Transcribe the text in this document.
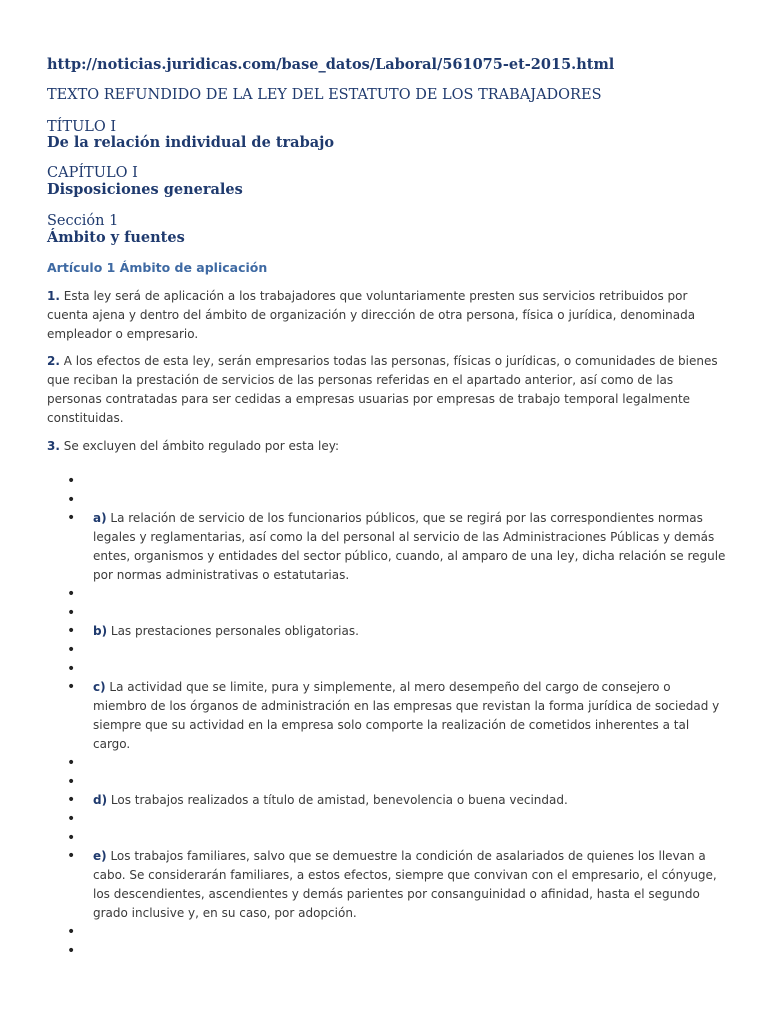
http://noticias.juridicas.com/base_datos/Laboral/561075-et-2015.html
TEXTO REFUNDIDO DE LA LEY DEL ESTATUTO DE LOS TRABAJADORES
TÍTULO I
De la relación individual de trabajo
CAPÍTULO I
Disposiciones generales
Sección 1
Ámbito y fuentes
Artículo 1 Ámbito de aplicación
1. Esta ley será de aplicación a los trabajadores que voluntariamente presten sus servicios retribuidos por cuenta ajena y dentro del ámbito de organización y dirección de otra persona, física o jurídica, denominada empleador o empresario.
2. A los efectos de esta ley, serán empresarios todas las personas, físicas o jurídicas, o comunidades de bienes que reciban la prestación de servicios de las personas referidas en el apartado anterior, así como de las personas contratadas para ser cedidas a empresas usuarias por empresas de trabajo temporal legalmente constituidas.
3. Se excluyen del ámbito regulado por esta ley:
•
•
• a) La relación de servicio de los funcionarios públicos, que se regirá por las correspondientes normas legales y reglamentarias, así como la del personal al servicio de las Administraciones Públicas y demás entes, organismos y entidades del sector público, cuando, al amparo de una ley, dicha relación se regule por normas administrativas o estatutarias.
•
•
• b) Las prestaciones personales obligatorias.
•
•
• c) La actividad que se limite, pura y simplemente, al mero desempeño del cargo de consejero o miembro de los órganos de administración en las empresas que revistan la forma jurídica de sociedad y siempre que su actividad en la empresa solo comporte la realización de cometidos inherentes a tal cargo.
•
•
• d) Los trabajos realizados a título de amistad, benevolencia o buena vecindad.
•
•
• e) Los trabajos familiares, salvo que se demuestre la condición de asalariados de quienes los llevan a cabo. Se considerarán familiares, a estos efectos, siempre que convivan con el empresario, el cónyuge, los descendientes, ascendientes y demás parientes por consanguinidad o afinidad, hasta el segundo grado inclusive y, en su caso, por adopción.
•
•
